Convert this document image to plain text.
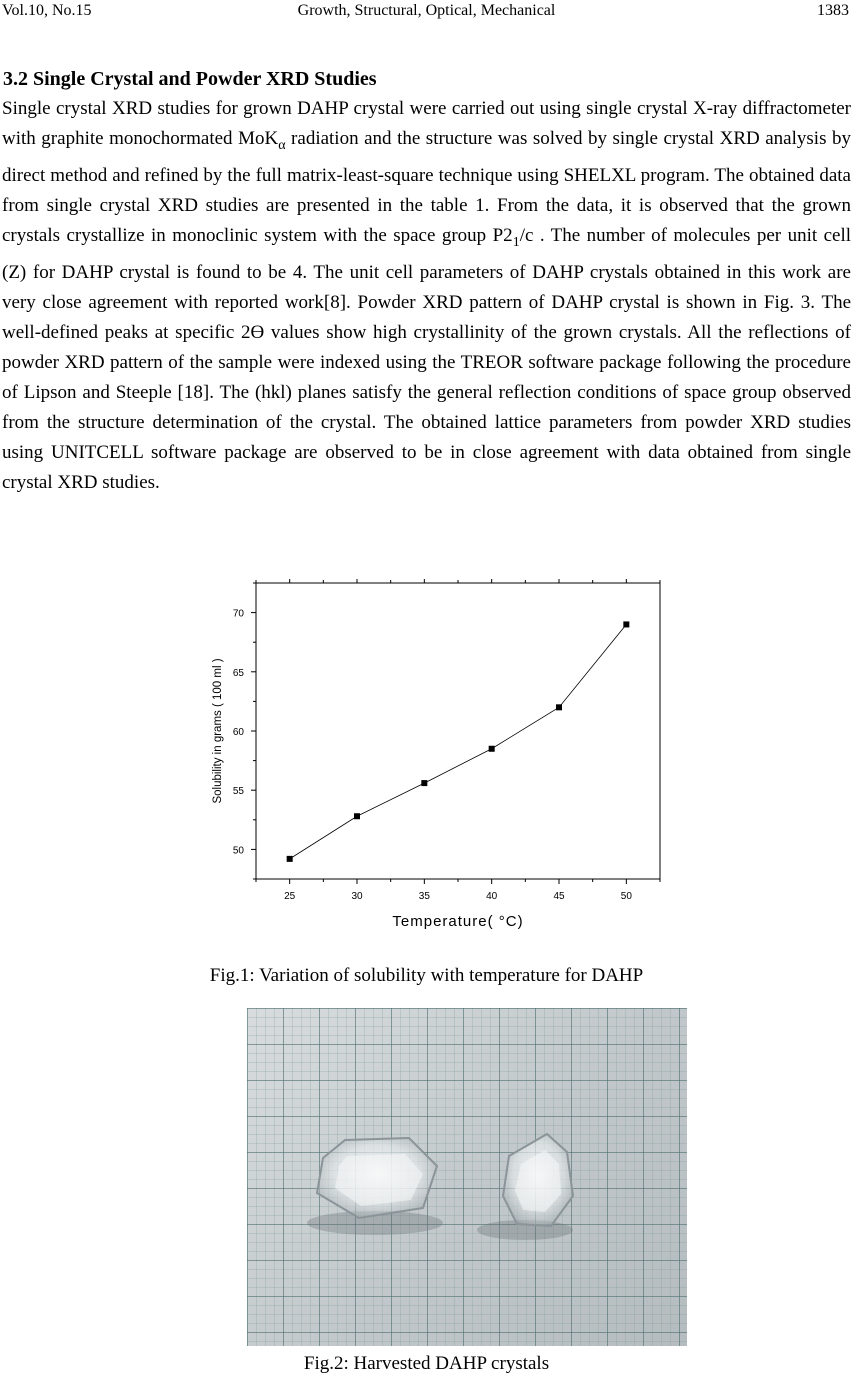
Vol.10, No.15	Growth, Structural, Optical, Mechanical	1383
3.2 Single Crystal and Powder XRD Studies
Single crystal XRD studies for grown DAHP crystal were carried out using single crystal X-ray diffractometer with graphite monochormated MoK$_\alpha$ radiation and the structure was solved by single crystal XRD analysis by direct method and refined by the full matrix-least-square technique using SHELXL program. The obtained data from single crystal XRD studies are presented in the table 1. From the data, it is observed that the grown crystals crystallize in monoclinic system with the space group $P2_1/c$ . The number of molecules per unit cell (Z) for DAHP crystal is found to be 4. The unit cell parameters of DAHP crystals obtained in this work are very close agreement with reported work[8]. Powder XRD pattern of DAHP crystal is shown in Fig. 3. The well-defined peaks at specific 2Ɵ values show high crystallinity of the grown crystals. All the reflections of powder XRD pattern of the sample were indexed using the TREOR software package following the procedure of Lipson and Steeple [18]. The (hkl) planes satisfy the general reflection conditions of space group observed from the structure determination of the crystal. The obtained lattice parameters from powder XRD studies using UNITCELL software package are observed to be in close agreement with data obtained from single crystal XRD studies.
25	30	35	40	45	50
50
55
60
65
70
Temperature( °C)
Solubility in grams ( 100 ml )
Fig.1: Variation of solubility with temperature for DAHP
Fig.2: Harvested DAHP crystals
